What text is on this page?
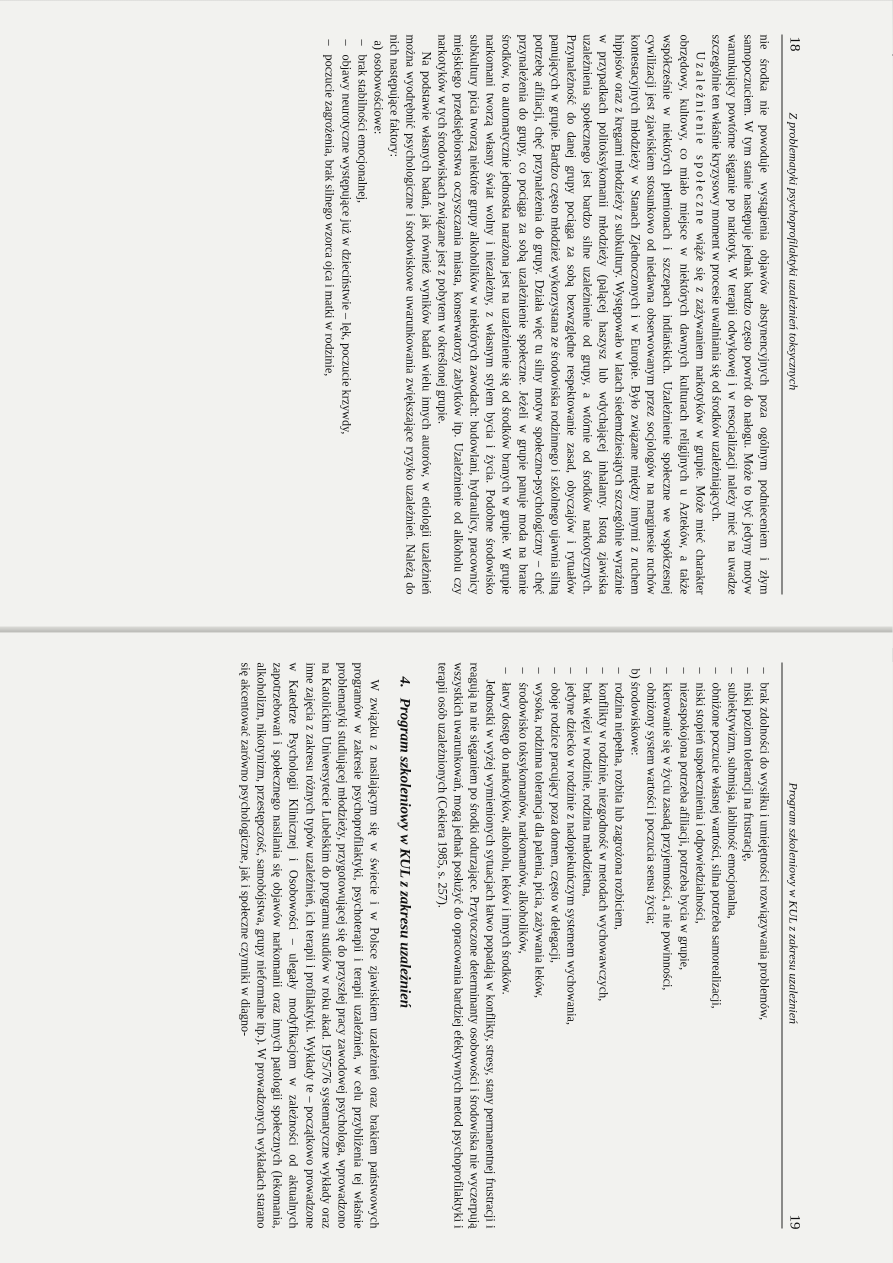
18
Z problematyki psychoprofilaktyki uzależnień toksycznych

nie środka nie powoduje wystąpienia objawów abstynencyjnych poza ogólnym podnieceniem i złym samopoczuciem. W tym stanie następuje jednak bardzo często powrót do nałogu. Może to być jedyny motyw warunkujący powtórne sięganie po narkotyk. W terapii odwykowej i w resocjalizacji należy mieć na uwadze szczególnie ten właśnie kryzysowy moment w procesie uwalniania się od środków uzależniających.

Uzależnienie społeczne wiąże się z zażywaniem narkotyków w grupie. Może mieć charakter obrzędowy, kultowy, co miało miejsce w niektórych dawnych kulturach religijnych u Azteków, a także współcześnie w niektórych plemionach i szczepach indiańskich. Uzależnienie społeczne we współczesnej cywilizacji jest zjawiskiem stosunkowo od niedawna obserwowanym przez socjologów na marginesie ruchów kontestacyjnych młodzieży w Stanach Zjednoczonych i w Europie. Było związane między innymi z ruchem hippisów oraz z kręgami młodzieży z subkultury. Występowało w latach siedemdziesiątych szczególnie wyraźnie w przypadkach politoksykomanii młodzieży (palącej haszysz lub wdychającej inhalanty. Istotą zjawiska uzależnienia społecznego jest bardzo silne uzależnienie od grupy, a wtórnie od środków narkotycznych. Przynależność do danej grupy pociąga za sobą bezwzględne respektowanie zasad, obyczajów i rytuałów panujących w grupie. Bardzo często młodzież wykorzystana ze środowiska rodzinnego i szkolnego ujawnia silną potrzebę afiliacji, chęć przynależenia do grupy. Działa więc tu silny motyw społeczno-psychologiczny – chęć przynależenia do grupy, co pociąga za sobą uzależnienie społeczne. Jeżeli w grupie panuje moda na branie środków, to automatycznie jednostka narażona jest na uzależnienie się od środków branych w grupie. W grupie narkomani tworzą własny świat wolny i niezależny, z własnym stylem bycia i życia. Podobne środowisko subkultury picia tworzą niektóre grupy alkoholików w niektórych zawodach: budowlani, hydraulicy, pracownicy miejskiego przedsiębiorstwa oczyszczania miasta, konserwatorzy zabytków itp. Uzależnienie od alkoholu czy narkotyków w tych środowiskach związane jest z pobytem w określonej grupie.

Na podstawie własnych badań, jak również wyników badań wielu innych autorów, w etiologii uzależnień można wyodrębnić psychologiczne i środowiskowe uwarunkowania zwiększające ryzyko uzależnień. Należą do nich następujące faktory:

a) osobowościowe:
– brak stabilności emocjonalnej,
– objawy neurotyczne występujące już w dzieciństwie – lęk, poczucie krzywdy,
– poczucie zagrożenia, brak silnego wzorca ojca i matki w rodzinie,
Program szkoleniowy w KUL z zakresu uzależnień
19
– brak zdolności do wysiłku i umiejętności rozwiązywania problemów,
– niski poziom tolerancji na frustrację,
– subiektywizm, submisja, labilność emocjonalna,
– obniżone poczucie własnej wartości, silna potrzeba samorealizacji,
– niski stopień uspołecznienia i odpowiedzialności,
– niezaspokojona potrzeba afiliacji, potrzeba bycia w grupie,
– kierowanie się w życiu zasadą przyjemności, a nie powinności,
– obniżony system wartości i poczucia sensu życia;
b) środowiskowe:
– rodzina niepełna, rozbita lub zagrożona rozbiciem,
– konflikty w rodzinie, niezgodność w metodach wychowawczych,
– brak więzi w rodzinie, rodzina małodzietna,
– jedyne dziecko w rodzinie z nadopiekuńczym systemem wychowania,
– oboje rodzice pracujący poza domem, często w delegacji,
– wysoka, rodzinna tolerancja dla palenia, picia, zażywania leków,
– środowisko toksykomanów, narkomanów, alkoholików,
– łatwy dostęp do narkotyków, alkoholu, leków i innych środków.

Jednostki w wyżej wymienionych sytuacjach łatwo popadają w konflikty, stresy, stany permanentnej frustracji i reagują na nie sięganiem po środki odurzające. Przytoczone determinanty osobowości i środowiska nie wyczerpują wszystkich uwarunkowań, mogą jednak posłużyć do opracowania bardziej efektywnych metod psychoprofilaktyki i terapii osób uzależnionych (Cekiera 1985, s. 257).

4.Program szkoleniowy w KUL z zakresu uzależnień

W związku z nasilającym się w świecie i w Polsce zjawiskiem uzależnień oraz brakiem państwowych programów w zakresie psychoprofilaktyki, psychoterapii i terapii uzależnień, w celu przybliżenia tej właśnie problematyki studiującej młodzieży, przygotowującej się do przyszłej pracy zawodowej psychologa, wprowadzono na Katolickim Uniwersytecie Lubelskim do programu studiów w roku akad. 1975/76 systematyczne wykłady oraz inne zajęcia z zakresu różnych typów uzależnień, ich terapii i profilaktyki. Wykłady te – początkowo prowadzone w Katedrze Psychologii Klinicznej i Osobowości – ulegały modyfikacjom w zależności od aktualnych zapotrzebowań i społecznego nasilania się objawów narkomanii oraz innych patologii społecznych (lekomania, alkoholizm, nikotynizm, przestępczość, samobójstwa, grupy nieformalne itp.). W prowadzonych wykładach starano się akcentować zarówno psychologiczne, jak i społeczne czynniki w diagno-
